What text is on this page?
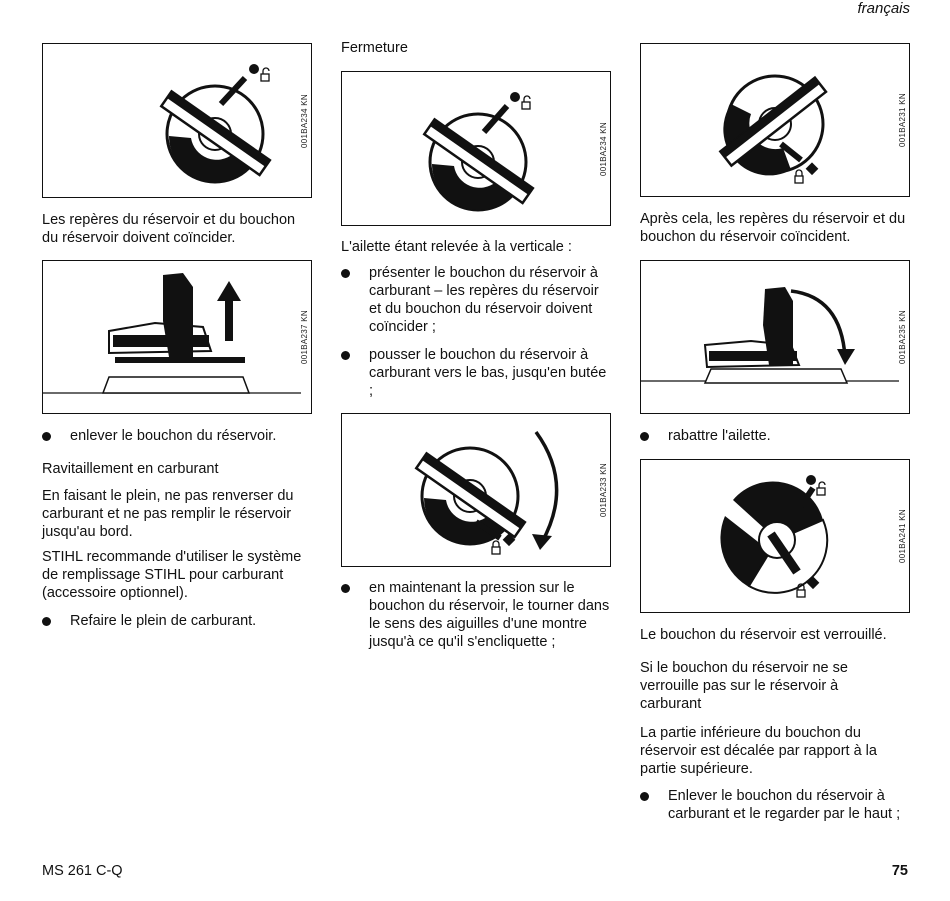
français
001BA234 KN
Les repères du réservoir et du bouchon du réservoir doivent coïncider.
001BA237 KN
enlever le bouchon du réservoir.
Ravitaillement en carburant
En faisant le plein, ne pas renverser du carburant et ne pas remplir le réservoir jusqu'au bord.
STIHL recommande d'utiliser le système de remplissage STIHL pour carburant (accessoire optionnel).
Refaire le plein de carburant.
Fermeture
001BA234 KN
L'ailette étant relevée à la verticale :
présenter le bouchon du réservoir à carburant – les repères du réservoir et du bouchon du réservoir doivent coïncider ;
pousser le bouchon du réservoir à carburant vers le bas, jusqu'en butée ;
001BA233 KN
en maintenant la pression sur le bouchon du réservoir, le tourner dans le sens des aiguilles d'une montre jusqu'à ce qu'il s'encliquette ;
001BA231 KN
Après cela, les repères du réservoir et du bouchon du réservoir coïncident.
001BA235 KN
rabattre l'ailette.
001BA241 KN
Le bouchon du réservoir est verrouillé.
Si le bouchon du réservoir ne se verrouille pas sur le réservoir à carburant
La partie inférieure du bouchon du réservoir est décalée par rapport à la partie supérieure.
Enlever le bouchon du réservoir à carburant et le regarder par le haut ;
MS 261 C-Q	75
